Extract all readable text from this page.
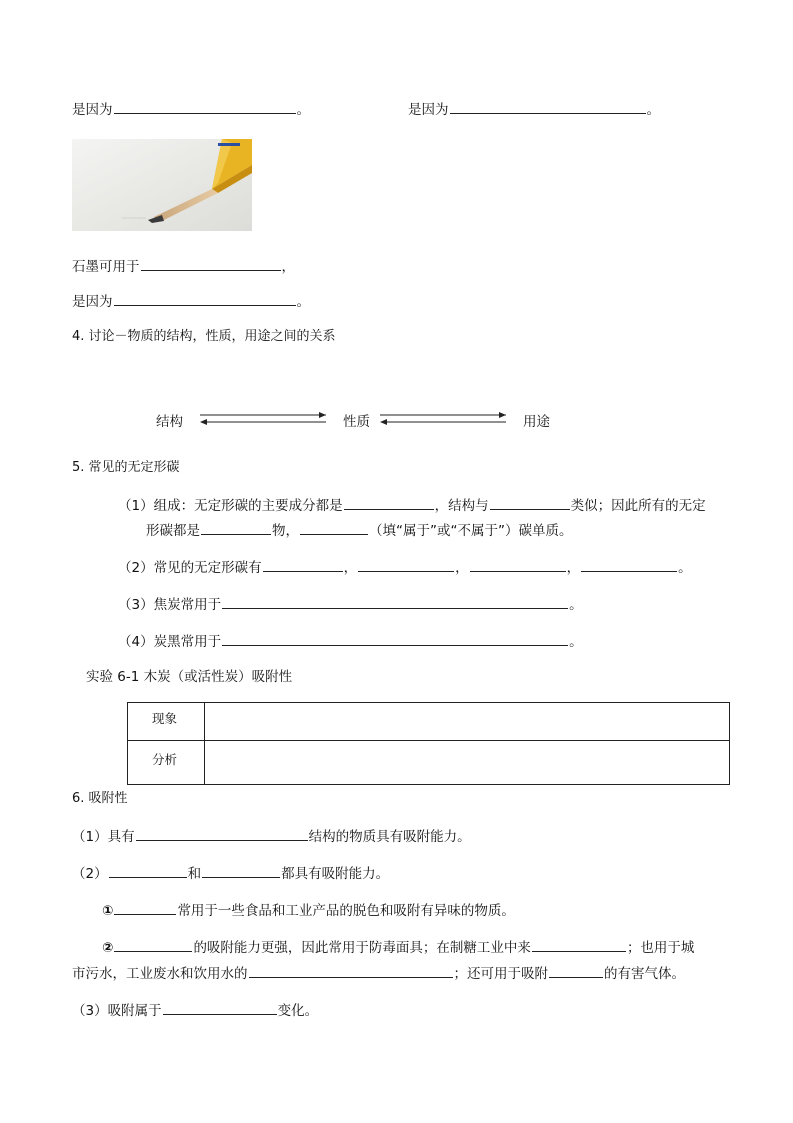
是因为	。	是因为	。
石墨可用于	，
是因为	。
4. 讨论－物质的结构，性质，用途之间的关系
结构	性质	用途
5. 常见的无定形碳
（1）组成：无定形碳的主要成分都是	，结构与	类似；因此所有的无定
形碳都是	物，	（填“属于”或“不属于”）碳单质。
（2）常见的无定形碳有	，	，	，	。
（3）焦炭常用于	。
（4）炭黑常用于	。
实验 6-1 木炭（或活性炭）吸附性
现象	
分析	
6. 吸附性
（1）具有	结构的物质具有吸附能力。
（2）	和	都具有吸附能力。
①	常用于一些食品和工业产品的脱色和吸附有异味的物质。
②	的吸附能力更强，因此常用于防毒面具；在制糖工业中来	；也用于城
市污水，工业废水和饮用水的	；还可用于吸附	的有害气体。
（3）吸附属于	变化。
